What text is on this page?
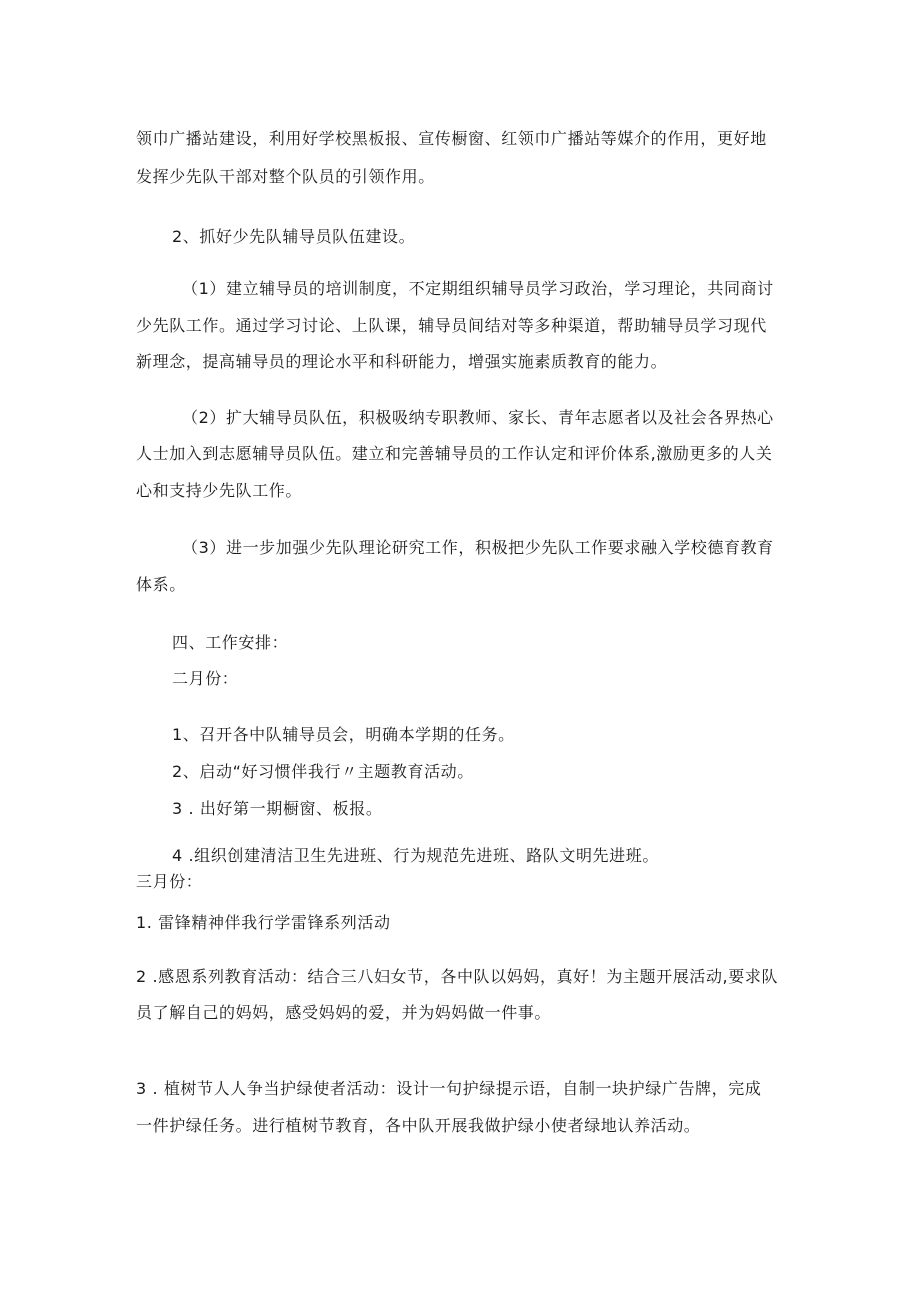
领巾广播站建设，利用好学校黑板报、宣传橱窗、红领巾广播站等媒介的作用，更好地
发挥少先队干部对整个队员的引领作用。
2、抓好少先队辅导员队伍建设。
（1）建立辅导员的培训制度，不定期组织辅导员学习政治，学习理论，共同商讨
少先队工作。通过学习讨论、上队课，辅导员间结对等多种渠道，帮助辅导员学习现代
新理念，提高辅导员的理论水平和科研能力，增强实施素质教育的能力。
（2）扩大辅导员队伍，积极吸纳专职教师、家长、青年志愿者以及社会各界热心
人士加入到志愿辅导员队伍。建立和完善辅导员的工作认定和评价体系,激励更多的人关
心和支持少先队工作。
（3）进一步加强少先队理论研究工作，积极把少先队工作要求融入学校德育教育
体系。
四、工作安排：
二月份：
1、召开各中队辅导员会，明确本学期的任务。
2、启动“好习惯伴我行〃主题教育活动。
3 . 出好第一期橱窗、板报。
4 .组织创建清洁卫生先进班、行为规范先进班、路队文明先进班。
三月份：
1. 雷锋精神伴我行学雷锋系列活动
2 .感恩系列教育活动：结合三八妇女节，各中队以妈妈，真好！为主题开展活动,要求队
员了解自己的妈妈，感受妈妈的爱，并为妈妈做一件事。
3 . 植树节人人争当护绿使者活动：设计一句护绿提示语，自制一块护绿广告牌，完成
一件护绿任务。进行植树节教育，各中队开展我做护绿小使者绿地认养活动。
